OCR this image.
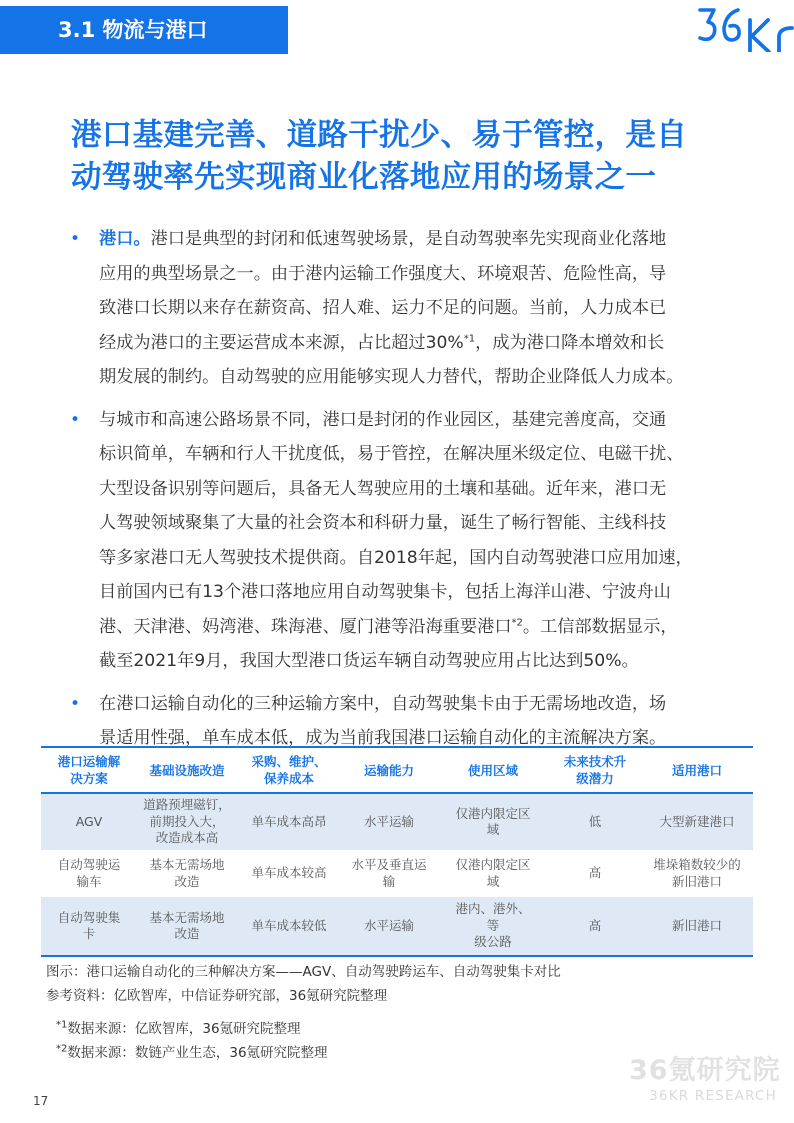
3.1 物流与港口
港口基建完善、道路干扰少、易于管控，是自
动驾驶率先实现商业化落地应用的场景之一
• 港口。港口是典型的封闭和低速驾驶场景，是自动驾驶率先实现商业化落地
应用的典型场景之一。由于港内运输工作强度大、环境艰苦、危险性高，导
致港口长期以来存在薪资高、招人难、运力不足的问题。当前，人力成本已
经成为港口的主要运营成本来源，占比超过30%$^{*1}$，成为港口降本增效和长
期发展的制约。自动驾驶的应用能够实现人力替代，帮助企业降低人力成本。
• 与城市和高速公路场景不同，港口是封闭的作业园区，基建完善度高，交通
标识简单，车辆和行人干扰度低，易于管控，在解决厘米级定位、电磁干扰、
大型设备识别等问题后，具备无人驾驶应用的土壤和基础。近年来，港口无
人驾驶领域聚集了大量的社会资本和科研力量，诞生了畅行智能、主线科技
等多家港口无人驾驶技术提供商。自2018年起，国内自动驾驶港口应用加速，
目前国内已有13个港口落地应用自动驾驶集卡，包括上海洋山港、宁波舟山
港、天津港、妈湾港、珠海港、厦门港等沿海重要港口$^{*2}$。工信部数据显示，
截至2021年9月，我国大型港口货运车辆自动驾驶应用占比达到50%。
• 在港口运输自动化的三种运输方案中，自动驾驶集卡由于无需场地改造，场
景适用性强，单车成本低，成为当前我国港口运输自动化的主流解决方案。
港口运输解
决方案	基础设施改造	采购、维护、
保养成本	运输能力	使用区域	未来技术升
级潜力	适用港口

AGV	道路预埋磁钉，
前期投入大，
改造成本高	单车成本高昂	水平运输	仅港内限定区
域	低	大型新建港口

自动驾驶运
输车	基本无需场地
改造	单车成本较高	水平及垂直运
输	仅港内限定区
域	高	堆垛箱数较少的
新旧港口

自动驾驶集
卡	基本无需场地
改造	单车成本较低	水平运输	港内、港外、
等
级公路	高	新旧港口
图示：港口运输自动化的三种解决方案——AGV、自动驾驶跨运车、自动驾驶集卡对比
参考资料：亿欧智库，中信证券研究部，36氪研究院整理
$^{*1}$数据来源：亿欧智库，36氪研究院整理
$^{*2}$数据来源：数链产业生态，36氪研究院整理
36氪研究院
36KR RESEARCH
17
